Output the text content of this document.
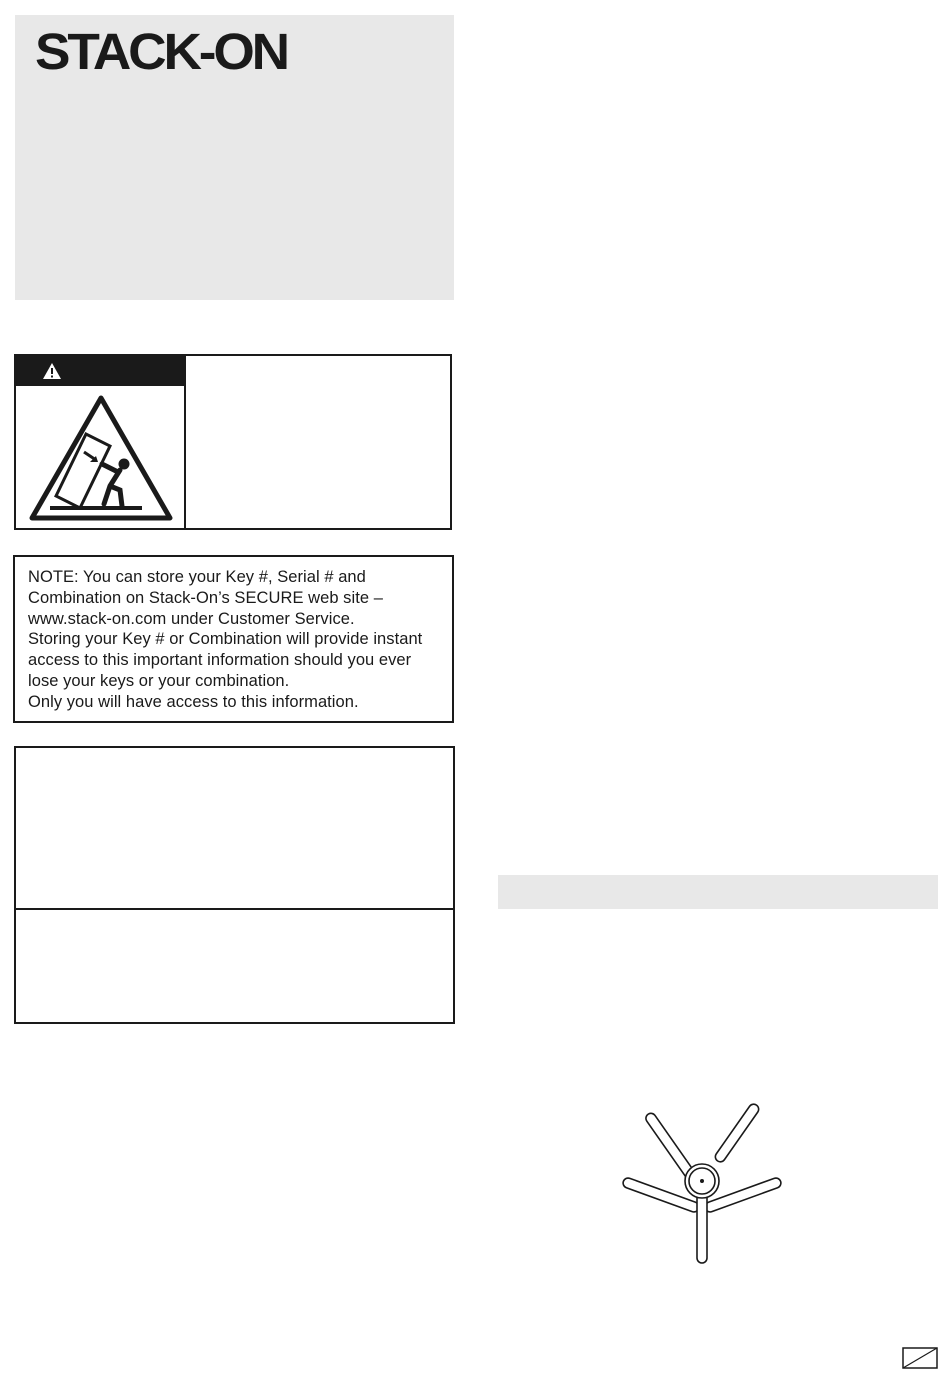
STACK-ON

NOTE: You can store your Key #, Serial # and
Combination on Stack-On’s SECURE web site –
www.stack-on.com under Customer Service.
Storing your Key # or Combination will provide instant
access to this important information should you ever
lose your keys or your combination.
Only you will have access to this information.
